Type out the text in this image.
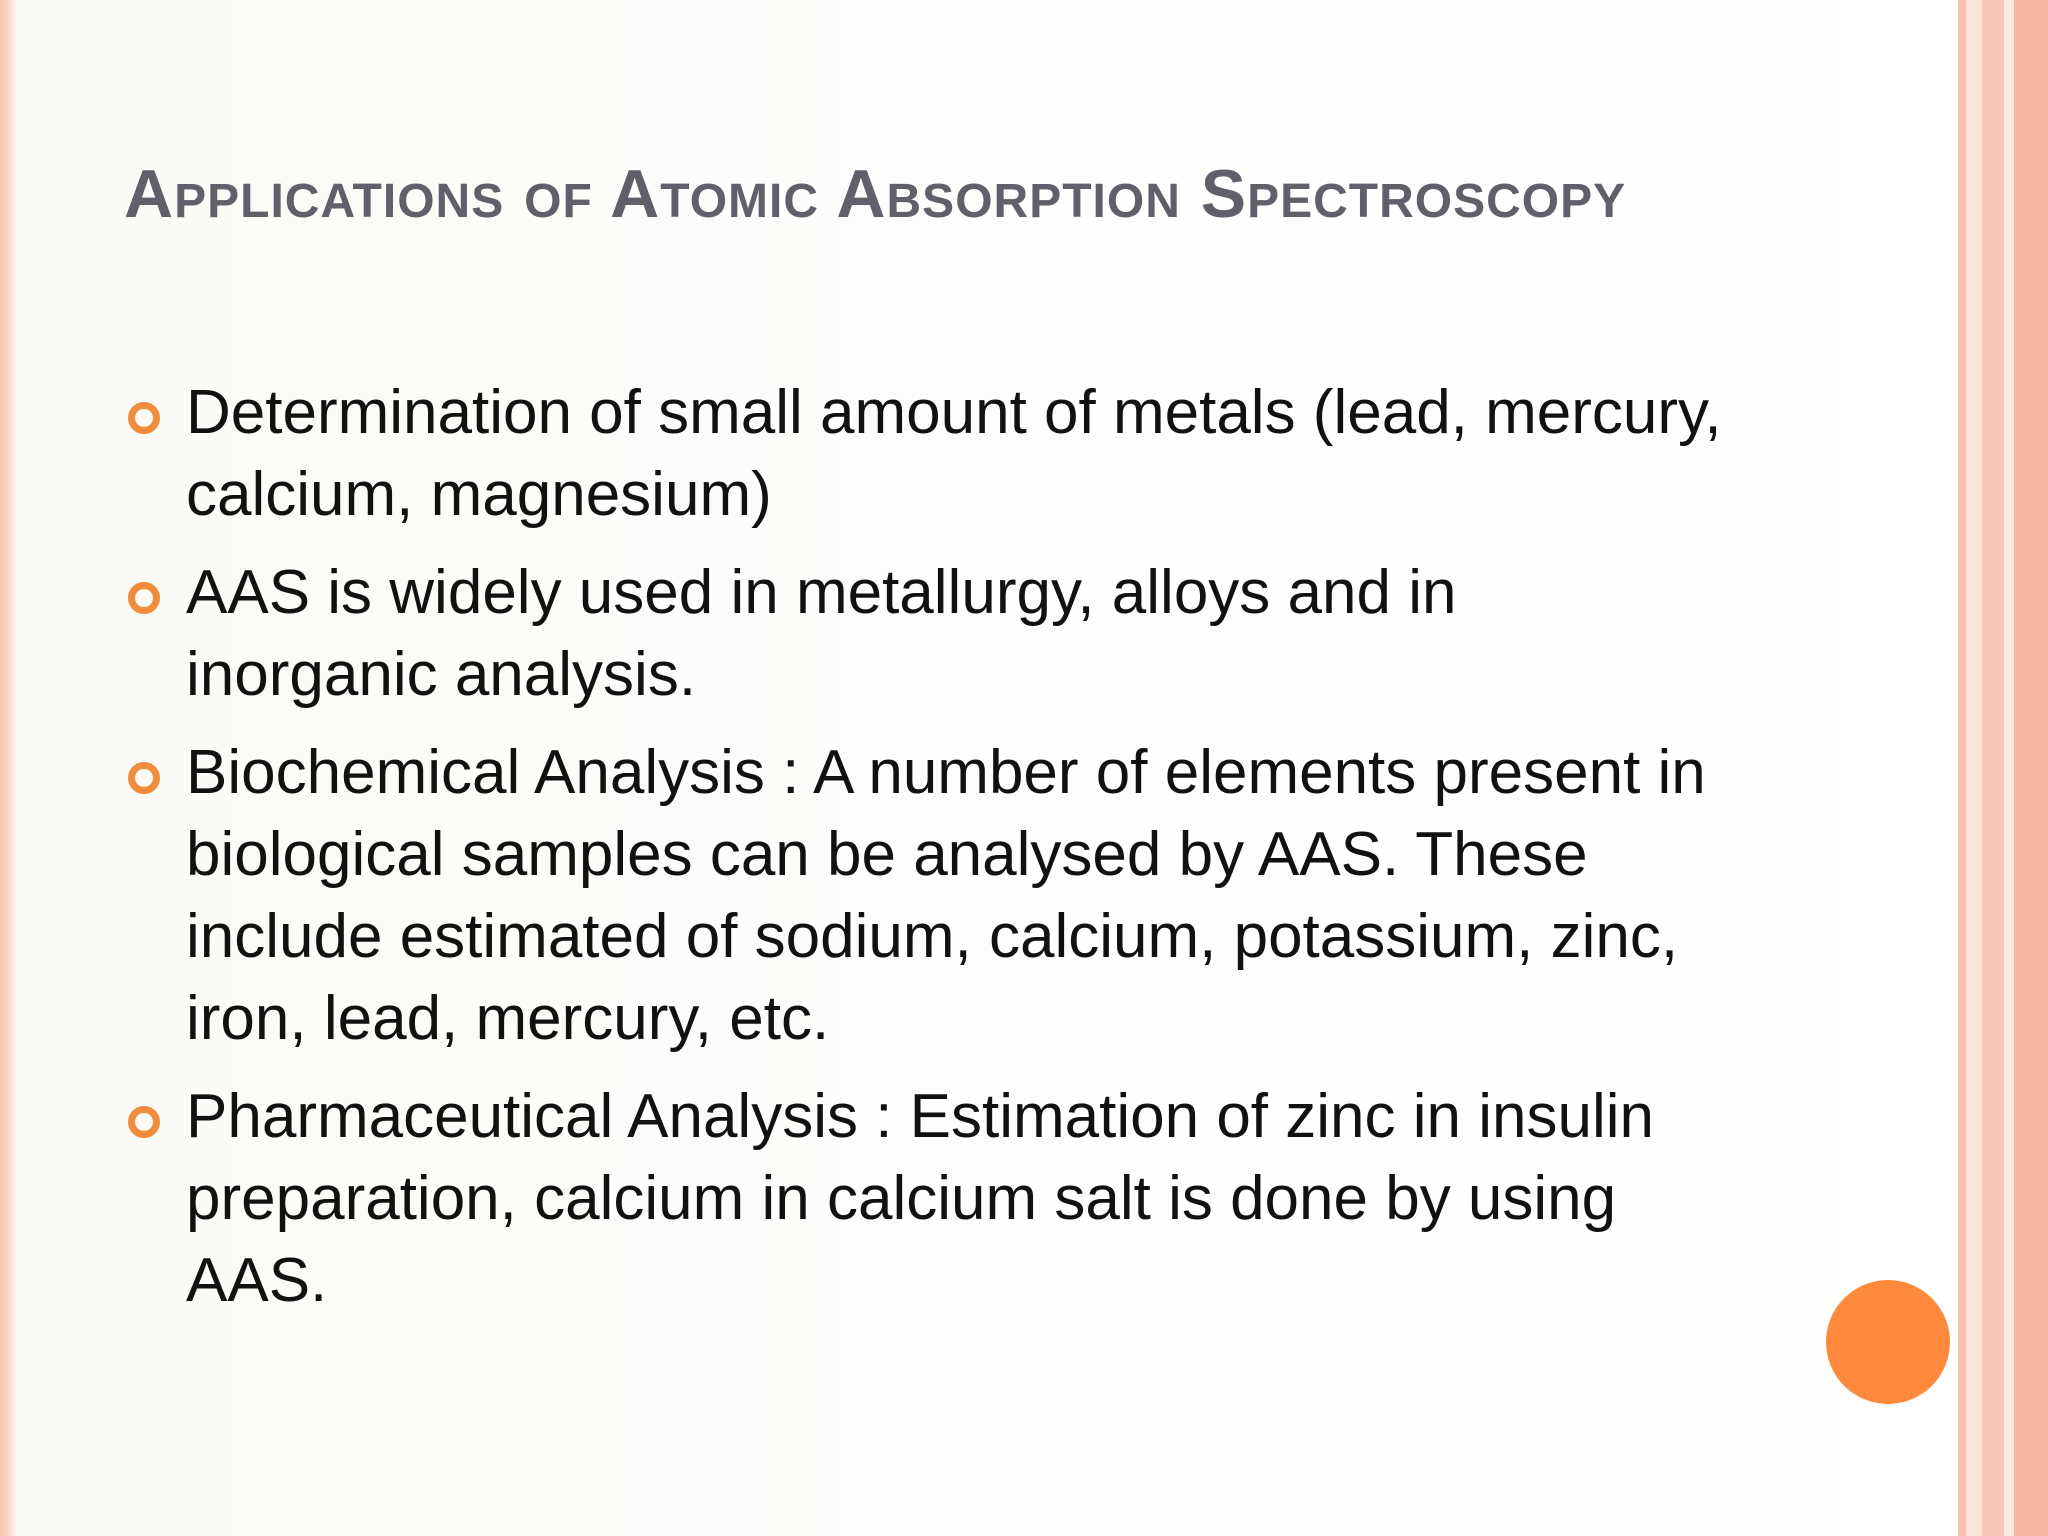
Applications of Atomic Absorption Spectroscopy
Determination of small amount of metals (lead, mercury, calcium, magnesium)
AAS is widely used in metallurgy, alloys and in inorganic analysis.
Biochemical Analysis : A number of elements present in biological samples can be analysed by AAS. These include estimated of sodium, calcium, potassium, zinc, iron, lead, mercury, etc.
Pharmaceutical Analysis : Estimation of zinc in insulin preparation, calcium in calcium salt is done by using AAS.
